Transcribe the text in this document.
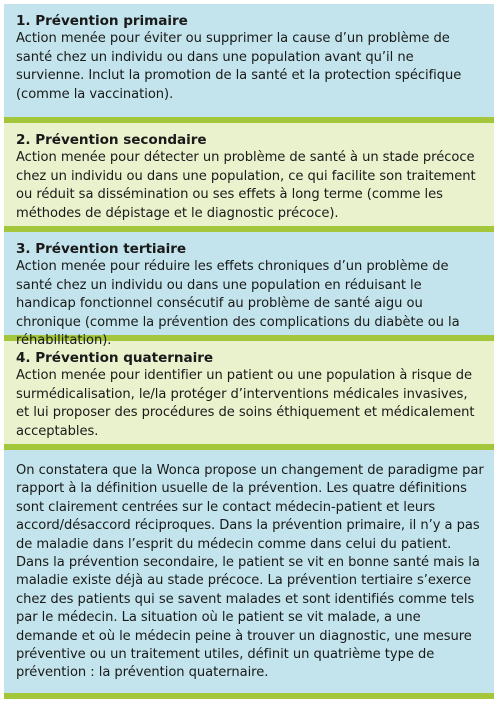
1. Prévention primaire
Action menée pour éviter ou supprimer la cause d’un problème de santé chez un individu ou dans une population avant qu’il ne survienne. Inclut la promotion de la santé et la protection spécifique (comme la vaccination).
2. Prévention secondaire
Action menée pour détecter un problème de santé à un stade précoce chez un individu ou dans une population, ce qui facilite son traitement ou réduit sa dissémination ou ses effets à long terme (comme les méthodes de dépistage et le diagnostic précoce).
3. Prévention tertiaire
Action menée pour réduire les effets chroniques d’un problème de santé chez un individu ou dans une population en réduisant le handicap fonctionnel consécutif au problème de santé aigu ou chronique (comme la prévention des complications du diabète ou la réhabilitation).
4. Prévention quaternaire
Action menée pour identifier un patient ou une population à risque de surmédicalisation, le/la protéger d’interventions médicales invasives, et lui proposer des procédures de soins éthiquement et médicalement acceptables.
On constatera que la Wonca propose un changement de paradigme par rapport à la définition usuelle de la prévention. Les quatre définitions sont clairement centrées sur le contact médecin-patient et leurs accord/désaccord réciproques. Dans la prévention primaire, il n’y a pas de maladie dans l’esprit du médecin comme dans celui du patient. Dans la prévention secondaire, le patient se vit en bonne santé mais la maladie existe déjà au stade précoce. La prévention tertiaire s’exerce chez des patients qui se savent malades et sont identifiés comme tels par le médecin. La situation où le patient se vit malade, a une demande et où le médecin peine à trouver un diagnostic, une mesure préventive ou un traitement utiles, définit un quatrième type de prévention : la prévention quaternaire.
